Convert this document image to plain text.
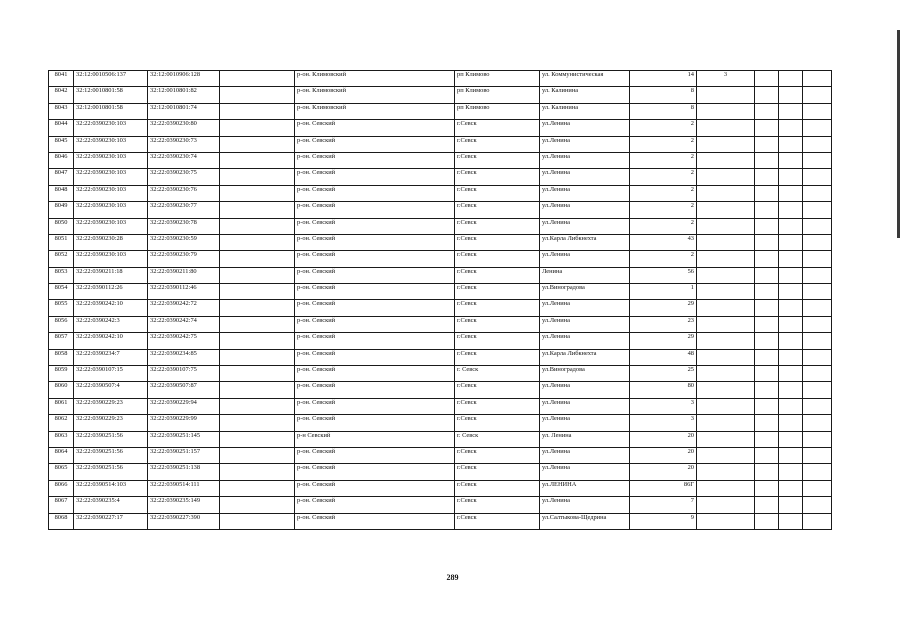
8041	32:12:0010506:137	32:12:0010906:128		р-он. Климовский	рп Климово	ул. Коммунистическая	14		3			
8042	32:12:0010801:58	32:12:0010801:82		р-он. Климовский	рп Климово	ул. Калинина	8					
8043	32:12:0010801:58	32:12:0010801:74		р-он. Климовский	рп Климово	ул. Калинина	8					
8044	32:22:0390230:103	32:22:0390230:80		р-он. Севский	г.Севск	ул.Ленина	2					
8045	32:22:0390230:103	32:22:0390230:73		р-он. Севский	г.Севск	ул.Ленина	2					
8046	32:22:0390230:103	32:22:0390230:74		р-он. Севский	г.Севск	ул.Ленина	2					
8047	32:22:0390230:103	32:22:0390230:75		р-он. Севский	г.Севск	ул.Ленина	2					
8048	32:22:0390230:103	32:22:0390230:76		р-он. Севский	г.Севск	ул.Ленина	2					
8049	32:22:0390230:103	32:22:0390230:77		р-он. Севский	г.Севск	ул.Ленина	2					
8050	32:22:0390230:103	32:22:0390230:78		р-он. Севский	г.Севск	ул.Ленина	2					
8051	32:22:0390230:28	32:22:0390230:59		р-он. Севский	г.Севск	ул.Карла Либкнехта	43					
8052	32:22:0390230:103	32:22:0390230:79		р-он. Севский	г.Севск	ул.Ленина	2					
8053	32:22:0390211:18	32:22:0390211:80		р-он. Севский	г.Севск	Ленина	56					
8054	32:22:0390112:26	32:22:0390112:46		р-он. Севский	г.Севск	ул.Виноградова	1					
8055	32:22:0390242:10	32:22:0390242:72		р-он. Севский	г.Севск	ул.Ленина	29					
8056	32:22:0390242:3	32:22:0390242:74		р-он. Севский	г.Севск	ул.Ленина	23					
8057	32:22:0390242:10	32:22:0390242:75		р-он. Севский	г.Севск	ул.Ленина	29					
8058	32:22:0390234:7	32:22:0390234:85		р-он. Севский	г.Севск	ул.Карла Либкнехта	48					
8059	32:22:0390107:15	32:22:0390107:75		р-он. Севский	г. Севск	ул.Виноградова	25					
8060	32:22:0390507:4	32:22:0390507:87		р-он. Севский	г.Севск	ул.Ленина	80					
8061	32:22:0390229:23	32:22:0390229:94		р-он. Севский	г.Севск	ул.Ленина	3					
8062	32:22:0390229:23	32:22:0390229:99		р-он. Севский	г.Севск	ул.Ленина	3					
8063	32:22:0390251:56	32:22:0390251:145		р-н Севский	г. Севск	ул. Ленина	20					
8064	32:22:0390251:56	32:22:0390251:157		р-он. Севский	г.Севск	ул.Ленина	20					
8065	32:22:0390251:56	32:22:0390251:138		р-он. Севский	г.Севск	ул.Ленина	20					
8066	32:22:0390514:103	32:22:0390514:111		р-он. Севский	г.Севск	ул.ЛЕНИНА	86Г					
8067	32:22:0390235:4	32:22:0390235:149		р-он. Севский	г.Севск	ул.Ленина	7					
8068	32:22:0390227:17	32:22:0390227:390		р-он. Севский	г.Севск	ул.Салтыкова-Щедрина	9					
289
